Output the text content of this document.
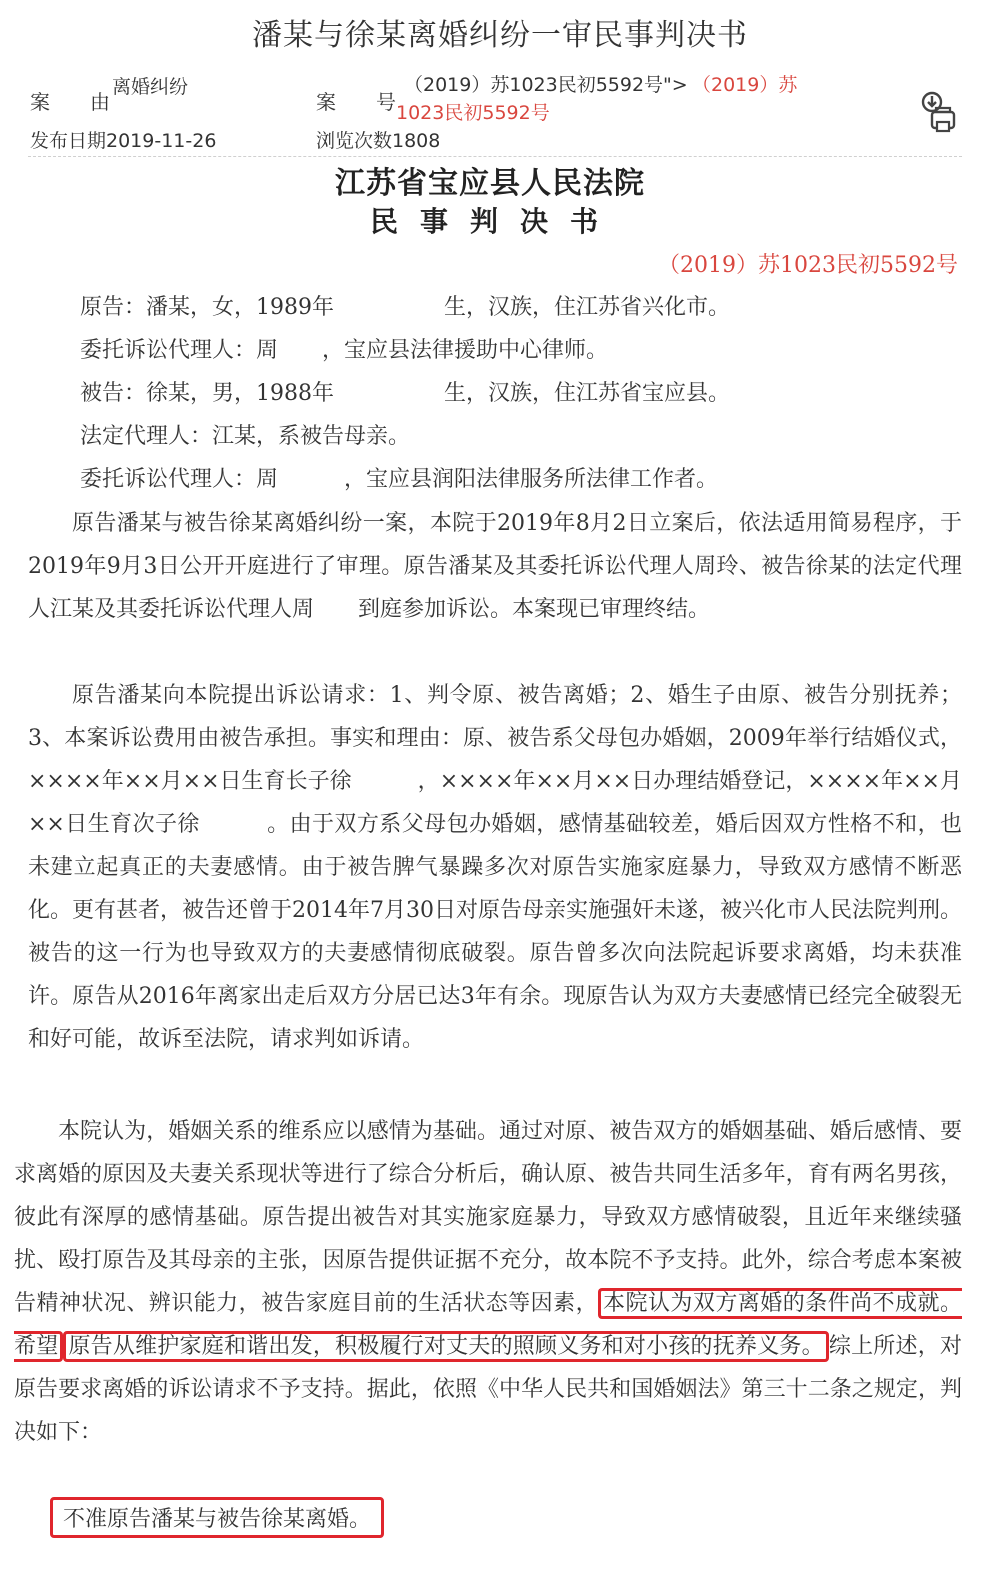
潘某与徐某离婚纠纷一审民事判决书
案　　由
离婚纠纷
案　　号
（2019）苏1023民初5592号"> （2019）苏
1023民初5592号
发布日期2019-11-26	浏览次数1808
江苏省宝应县人民法院
民事判决书
（2019）苏1023民初5592号
原告：潘某，女，1989年　　　　　生，汉族，住江苏省兴化市。
委托诉讼代理人：周　　，宝应县法律援助中心律师。
被告：徐某，男，1988年　　　　　生，汉族，住江苏省宝应县。
法定代理人：江某，系被告母亲。
委托诉讼代理人：周　　　，宝应县润阳法律服务所法律工作者。

原告潘某与被告徐某离婚纠纷一案，本院于2019年8月2日立案后，依法适用简易程序，于2019年9月3日公开开庭进行了审理。原告潘某及其委托诉讼代理人周玲、被告徐某的法定代理人江某及其委托诉讼代理人周　　到庭参加诉讼。本案现已审理终结。

原告潘某向本院提出诉讼请求：1、判令原、被告离婚；2、婚生子由原、被告分别抚养；3、本案诉讼费用由被告承担。事实和理由：原、被告系父母包办婚姻，2009年举行结婚仪式，××××年××月××日生育长子徐　　　，××××年××月××日办理结婚登记，××××年××月××日生育次子徐　　　。由于双方系父母包办婚姻，感情基础较差，婚后因双方性格不和，也未建立起真正的夫妻感情。由于被告脾气暴躁多次对原告实施家庭暴力，导致双方感情不断恶化。更有甚者，被告还曾于2014年7月30日对原告母亲实施强奸未遂，被兴化市人民法院判刑。被告的这一行为也导致双方的夫妻感情彻底破裂。原告曾多次向法院起诉要求离婚，均未获准许。原告从2016年离家出走后双方分居已达3年有余。现原告认为双方夫妻感情已经完全破裂无和好可能，故诉至法院，请求判如诉请。

本院认为，婚姻关系的维系应以感情为基础。通过对原、被告双方的婚姻基础、婚后感情、要求离婚的原因及夫妻关系现状等进行了综合分析后，确认原、被告共同生活多年，育有两名男孩，彼此有深厚的感情基础。原告提出被告对其实施家庭暴力，导致双方感情破裂，且近年来继续骚扰、殴打原告及其母亲的主张，因原告提供证据不充分，故本院不予支持。此外，综合考虑本案被告精神状况、辨识能力，被告家庭目前的生活状态等因素， 本院认为双方离婚的条件尚不成就。希望 原告从维护家庭和谐出发，积极履行对丈夫的照顾义务和对小孩的抚养义务。 综上所述，对原告要求离婚的诉讼请求不予支持。据此，依照《中华人民共和国婚姻法》第三十二条之规定，判决如下：

不准原告潘某与被告徐某离婚。
